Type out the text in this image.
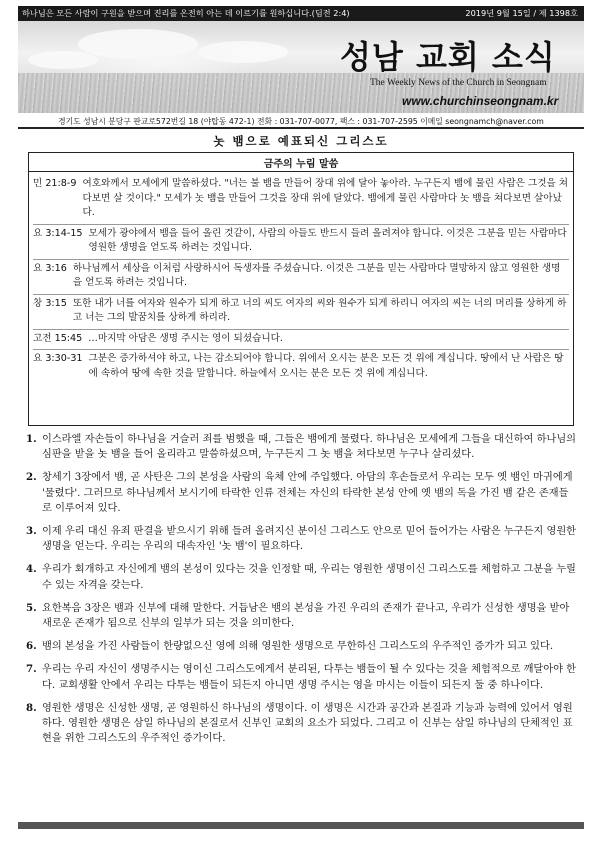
하나님은 모든 사람이 구원을 받으며 진리를 온전히 아는 데 이르기를 원하십니다.(딤전 2:4)	2019년 9월 15일 / 제 1398호
성남 교회 소식
The Weekly News of the Church in Seongnam
www.churchinseongnam.kr
경기도 성남시 분당구 판교로572번길 18 (야탑동 472-1) 전화 : 031-707-0077, 팩스 : 031-707-2595 이메일 seongnamch@naver.com
놋 뱀으로 예표되신 그리스도
금주의 누림 말씀
민 21:8-9 여호와께서 모세에게 말씀하셨다. "너는 불 뱀을 만들어 장대 위에 달아 놓아라. 누구든지 뱀에 물린 사람은 그것을 쳐다보면 살 것이다." 모세가 놋 뱀을 만들어 그것을 장대 위에 달았다. 뱀에게 물린 사람마다 놋 뱀을 쳐다보면 살아났다.
요 3:14-15 모세가 광야에서 뱀을 들어 올린 것같이, 사람의 아들도 반드시 들려 올려져야 합니다. 이것은 그분을 믿는 사람마다 영원한 생명을 얻도록 하려는 것입니다.
요 3:16 하나님께서 세상을 이처럼 사랑하시어 독생자를 주셨습니다. 이것은 그분을 믿는 사람마다 멸망하지 않고 영원한 생명을 얻도록 하려는 것입니다.
창 3:15 또한 내가 너를 여자와 원수가 되게 하고 너의 씨도 여자의 씨와 원수가 되게 하리니 여자의 씨는 너의 머리를 상하게 하고 너는 그의 발꿈치를 상하게 하리라.
고전 15:45 …마지막 아담은 생명 주시는 영이 되셨습니다.
요 3:30-31 그분은 증가하셔야 하고, 나는 감소되어야 합니다. 위에서 오시는 분은 모든 것 위에 계십니다. 땅에서 난 사람은 땅에 속하여 땅에 속한 것을 말합니다. 하늘에서 오시는 분은 모든 것 위에 계십니다.
1. 이스라엘 자손들이 하나님을 거슬러 죄를 범했을 때, 그들은 뱀에게 물렸다. 하나님은 모세에게 그들을 대신하여 하나님의 심판을 받을 놋 뱀을 들어 올리라고 말씀하셨으며, 누구든지 그 놋 뱀을 쳐다보면 누구나 살리셨다.
2. 창세기 3장에서 뱀, 곧 사탄은 그의 본성을 사람의 육체 안에 주입했다. 아담의 후손들로서 우리는 모두 옛 뱀인 마귀에게 '물렸다'. 그러므로 하나님께서 보시기에 타락한 인류 전체는 자신의 타락한 본성 안에 옛 뱀의 독을 가진 뱀 같은 존재들로 이루어져 있다.
3. 이제 우리 대신 유죄 판결을 받으시기 위해 들려 올려지신 분이신 그리스도 안으로 믿어 들어가는 사람은 누구든지 영원한 생명을 얻는다. 우리는 우리의 대속자인 '놋 뱀'이 필요하다.
4. 우리가 회개하고 자신에게 뱀의 본성이 있다는 것을 인정할 때, 우리는 영원한 생명이신 그리스도를 체험하고 그분을 누릴 수 있는 자격을 갖는다.
5. 요한복음 3장은 뱀과 신부에 대해 말한다. 거듭남은 뱀의 본성을 가진 우리의 존재가 끝나고, 우리가 신성한 생명을 받아 새로운 존재가 됨으로 신부의 일부가 되는 것을 의미한다.
6. 뱀의 본성을 가진 사람들이 한량없으신 영에 의해 영원한 생명으로 무한하신 그리스도의 우주적인 증가가 되고 있다.
7. 우리는 우리 자신이 생명주시는 영이신 그리스도에게서 분리된, 다투는 뱀들이 될 수 있다는 것을 체험적으로 깨달아야 한다. 교회생활 안에서 우리는 다투는 뱀들이 되든지 아니면 생명 주시는 영을 마시는 이들이 되든지 둘 중 하나이다.
8. 영원한 생명은 신성한 생명, 곧 영원하신 하나님의 생명이다. 이 생명은 시간과 공간과 본질과 기능과 능력에 있어서 영원하다. 영원한 생명은 삼일 하나님의 본질로서 신부인 교회의 요소가 되었다. 그리고 이 신부는 삼일 하나님의 단체적인 표현을 위한 그리스도의 우주적인 증가이다.
